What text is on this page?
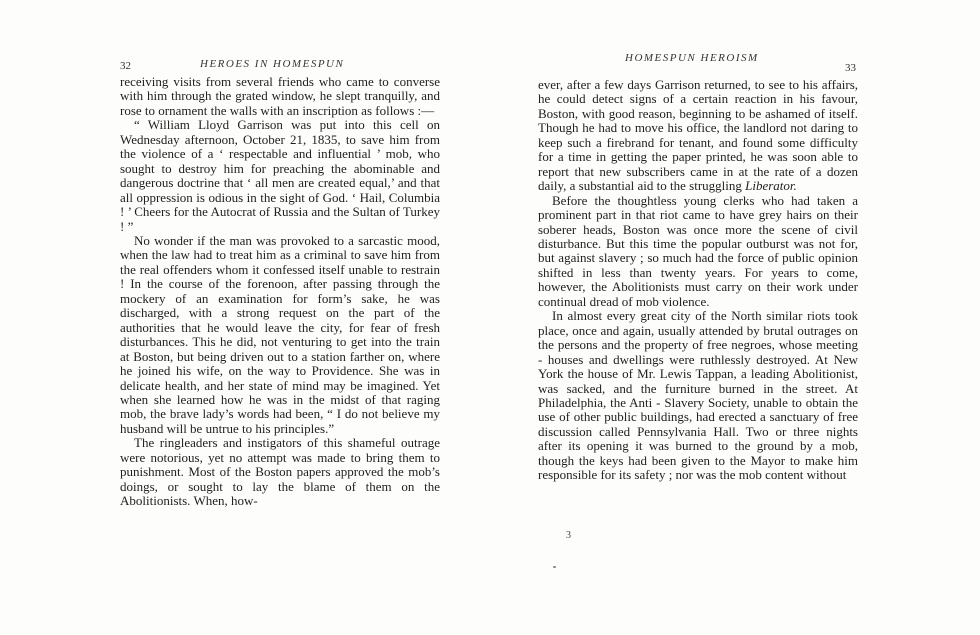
32	HEROES IN HOMESPUN

receiving visits from several friends who came to converse with him through the grated window, he slept tranquilly, and rose to ornament the walls with an inscription as follows :—

“ William Lloyd Garrison was put into this cell on Wednesday afternoon, October 21, 1835, to save him from the violence of a ‘ respectable and influential ’ mob, who sought to destroy him for preaching the abominable and dangerous doctrine that ‘ all men are created equal,’ and that all oppression is odious in the sight of God. ‘ Hail, Columbia ! ’ Cheers for the Autocrat of Russia and the Sultan of Turkey ! ”

No wonder if the man was provoked to a sarcastic mood, when the law had to treat him as a criminal to save him from the real offenders whom it confessed itself unable to restrain ! In the course of the forenoon, after passing through the mockery of an examination for form’s sake, he was discharged, with a strong request on the part of the authorities that he would leave the city, for fear of fresh disturbances. This he did, not venturing to get into the train at Boston, but being driven out to a station farther on, where he joined his wife, on the way to Providence. She was in delicate health, and her state of mind may be imagined. Yet when she learned how he was in the midst of that raging mob, the brave lady’s words had been, “ I do not believe my husband will be untrue to his principles.”

The ringleaders and instigators of this shameful outrage were notorious, yet no attempt was made to bring them to punishment. Most of the Boston papers approved the mob’s doings, or sought to lay the blame of them on the Abolitionists. When, how-

HOMESPUN HEROISM
33

ever, after a few days Garrison returned, to see to his affairs, he could detect signs of a certain reaction in his favour, Boston, with good reason, beginning to be ashamed of itself. Though he had to move his office, the landlord not daring to keep such a firebrand for tenant, and found some difficulty for a time in getting the paper printed, he was soon able to report that new subscribers came in at the rate of a dozen daily, a substantial aid to the struggling Liberator.

Before the thoughtless young clerks who had taken a prominent part in that riot came to have grey hairs on their soberer heads, Boston was once more the scene of civil disturbance. But this time the popular outburst was not for, but against slavery ; so much had the force of public opinion shifted in less than twenty years. For years to come, however, the Abolitionists must carry on their work under continual dread of mob violence.

In almost every great city of the North similar riots took place, once and again, usually attended by brutal outrages on the persons and the property of free negroes, whose meeting - houses and dwellings were ruthlessly destroyed. At New York the house of Mr. Lewis Tappan, a leading Abolitionist, was sacked, and the furniture burned in the street. At Philadelphia, the Anti - Slavery Society, unable to obtain the use of other public buildings, had erected a sanctuary of free discussion called Pennsylvania Hall. Two or three nights after its opening it was burned to the ground by a mob, though the keys had been given to the Mayor to make him responsible for its safety ; nor was the mob content without

3
